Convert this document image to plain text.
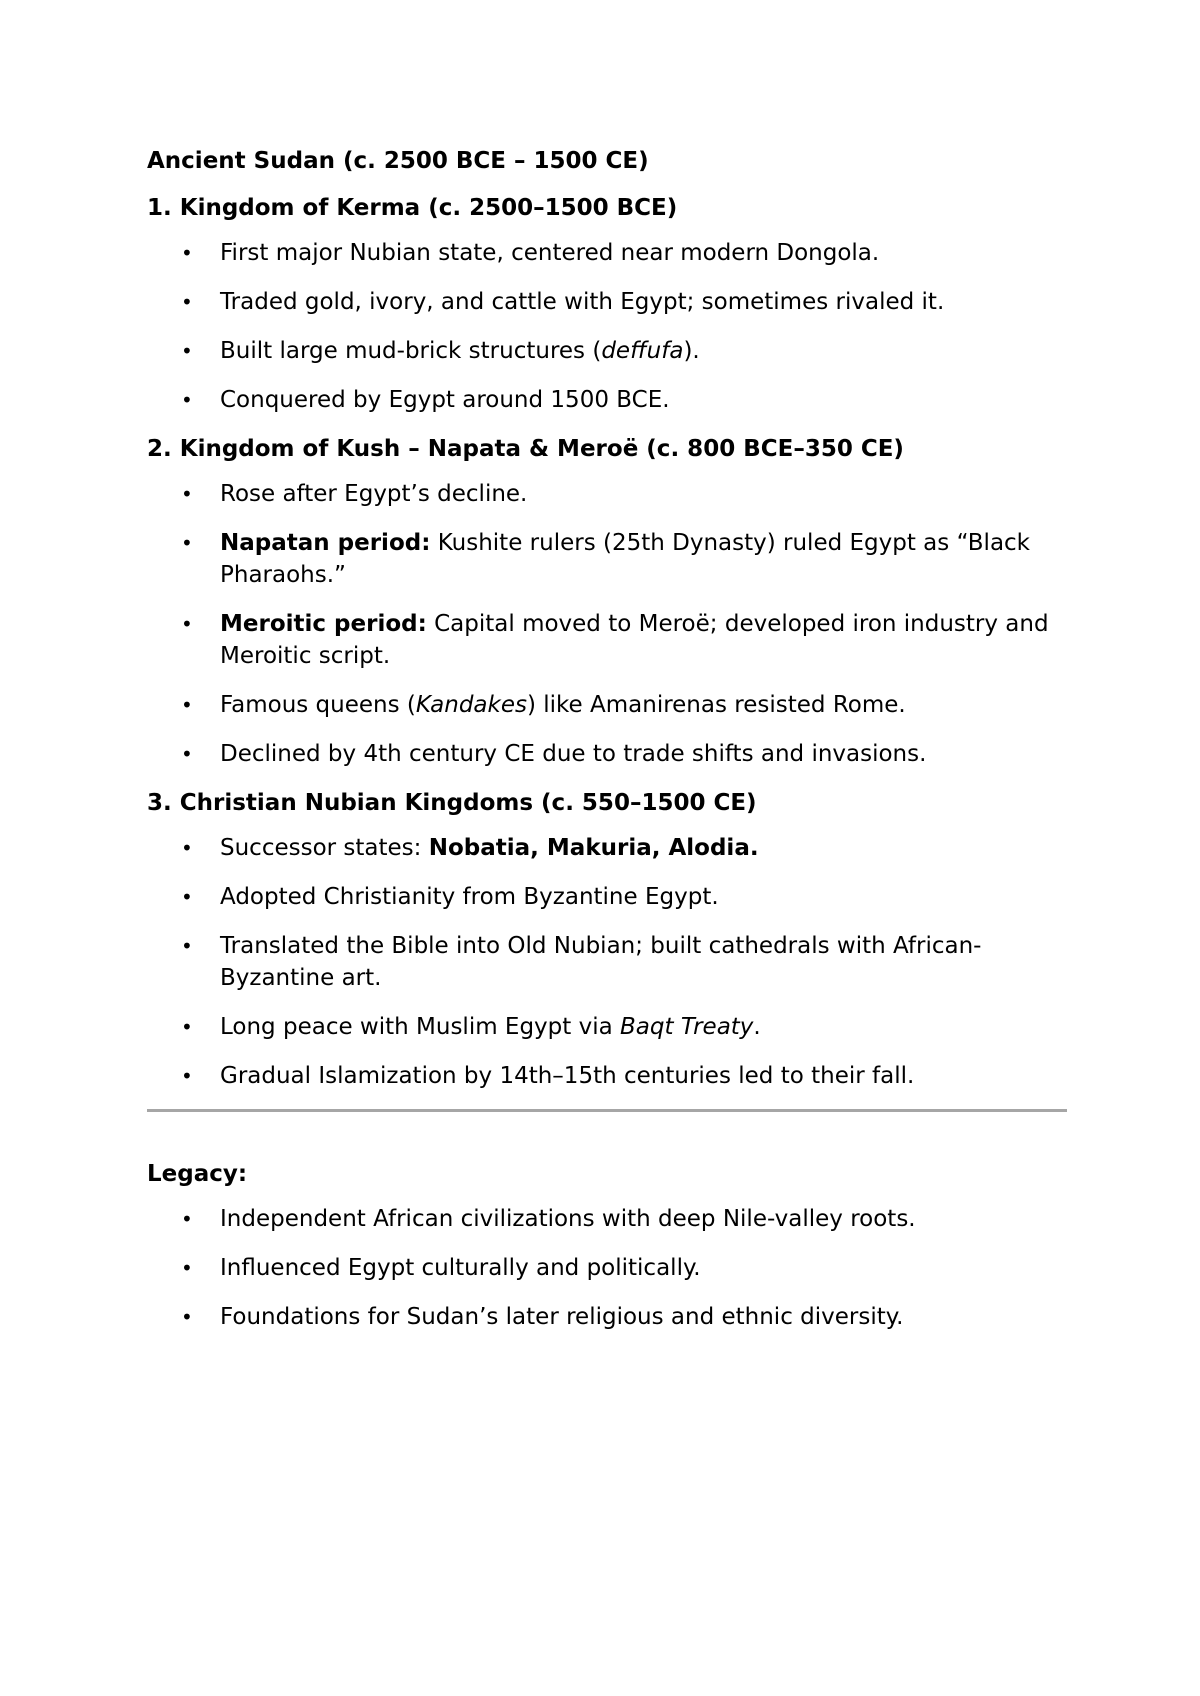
Ancient Sudan (c. 2500 BCE – 1500 CE)
1. Kingdom of Kerma (c. 2500–1500 BCE)
• First major Nubian state, centered near modern Dongola.
• Traded gold, ivory, and cattle with Egypt; sometimes rivaled it.
• Built large mud-brick structures (deffufa).
• Conquered by Egypt around 1500 BCE.
2. Kingdom of Kush – Napata & Meroë (c. 800 BCE–350 CE)
• Rose after Egypt’s decline.
• Napatan period: Kushite rulers (25th Dynasty) ruled Egypt as “Black Pharaohs.”
• Meroitic period: Capital moved to Meroë; developed iron industry and Meroitic script.
• Famous queens (Kandakes) like Amanirenas resisted Rome.
• Declined by 4th century CE due to trade shifts and invasions.
3. Christian Nubian Kingdoms (c. 550–1500 CE)
• Successor states: Nobatia, Makuria, Alodia.
• Adopted Christianity from Byzantine Egypt.
• Translated the Bible into Old Nubian; built cathedrals with African-Byzantine art.
• Long peace with Muslim Egypt via Baqt Treaty.
• Gradual Islamization by 14th–15th centuries led to their fall.
Legacy:
• Independent African civilizations with deep Nile-valley roots.
• Influenced Egypt culturally and politically.
• Foundations for Sudan’s later religious and ethnic diversity.
